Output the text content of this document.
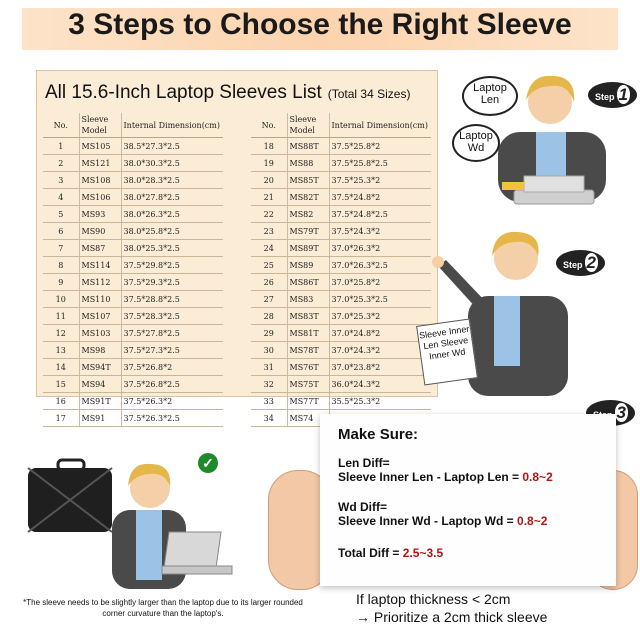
3 Steps to Choose the Right Sleeve
All 15.6-Inch Laptop Sleeves List (Total 34 Sizes)
No.	Sleeve Model	Internal Dimension(cm)
1	MS105	38.5*27.3*2.5
2	MS121	38.0*30.3*2.5
3	MS108	38.0*28.3*2.5
4	MS106	38.0*27.8*2.5
5	MS93	38.0*26.3*2.5
6	MS90	38.0*25.8*2.5
7	MS87	38.0*25.3*2.5
8	MS114	37.5*29.8*2.5
9	MS112	37.5*29.3*2.5
10	MS110	37.5*28.8*2.5
11	MS107	37.5*28.3*2.5
12	MS103	37.5*27.8*2.5
13	MS98	37.5*27.3*2.5
14	MS94T	37.5*26.8*2
15	MS94	37.5*26.8*2.5
16	MS91T	37.5*26.3*2
17	MS91	37.5*26.3*2.5
No.	Sleeve Model	Internal Dimension(cm)
18	MS88T	37.5*25.8*2
19	MS88	37.5*25.8*2.5
20	MS85T	37.5*25.3*2
21	MS82T	37.5*24.8*2
22	MS82	37.5*24.8*2.5
23	MS79T	37.5*24.3*2
24	MS89T	37.0*26.3*2
25	MS89	37.0*26.3*2.5
26	MS86T	37.0*25.8*2
27	MS83	37.0*25.3*2.5
28	MS83T	37.0*25.3*2
29	MS81T	37.0*24.8*2
30	MS78T	37.0*24.3*2
31	MS76T	37.0*23.8*2
32	MS75T	36.0*24.3*2
33	MS77T	35.5*25.3*2
34	MS74	
Laptop Len
Laptop Wd
Step 1
Sleeve Inner Len Sleeve Inner Wd
Step 2
✓
3
Make Sure:
Len Diff=
Sleeve Inner Len - Laptop Len = 0.8~2
Wd Diff=
Sleeve Inner Wd - Laptop Wd = 0.8~2
Total Diff = 2.5~3.5
*The sleeve needs to be slightly larger than the laptop due to its larger rounded corner curvature than the laptop's.
If laptop thickness < 2cm
→ Prioritize a 2cm thick sleeve
